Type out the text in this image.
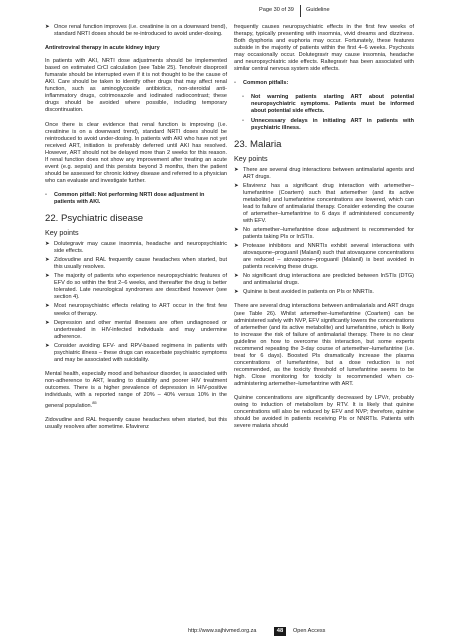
Page 30 of 39 Guideline
➤ Once renal function improves (i.e. creatinine is on a downward trend), standard NRTI doses should be re-introduced to avoid under-dosing.
Antiretroviral therapy in acute kidney injury

In patients with AKI, NRTI dose adjustments should be implemented based on estimated CrCl calculation (see Table 25). Tenofovir disoproxil fumarate should be interrupted even if it is not thought to be the cause of AKI. Care should be taken to identify other drugs that may affect renal function, such as aminoglycoside antibiotics, non-steroidal anti-inflammatory drugs, cotrimoxazole and iodinated radiocontrast; these drugs should be avoided where possible, including temporary discontinuation.

Once there is clear evidence that renal function is improving (i.e. creatinine is on a downward trend), standard NRTI doses should be reintroduced to avoid under-dosing. In patients with AKI who have not yet received ART, initiation is preferably deferred until AKI has resolved. However, ART should not be delayed more than 2 weeks for this reason. If renal function does not show any improvement after treating an acute event (e.g. sepsis) and this persists beyond 3 months, then the patient should be assessed for chronic kidney disease and referred to a physician who can evaluate and investigate further.

▫ Common pitfall: Not performing NRTI dose adjustment in patients with AKI.
22. Psychiatric disease
Key points
➤ Dolutegravir may cause insomnia, headache and neuropsychiatric side effects.
➤ Zidovudine and RAL frequently cause headaches when started, but this usually resolves.
➤ The majority of patients who experience neuropsychiatric features of EFV do so within the first 2–6 weeks, and thereafter the drug is better tolerated. Late neurological syndromes are described however (see section 4).
➤ Most neuropsychiatric effects relating to ART occur in the first few weeks of therapy.
➤ Depression and other mental illnesses are often undiagnosed or undertreated in HIV-infected individuals and may undermine adherence.
➤ Consider avoiding EFV- and RPV-based regimens in patients with psychiatric illness – these drugs can exacerbate psychiatric symptoms and may be associated with suicidality.

Mental health, especially mood and behaviour disorder, is associated with non-adherence to ART, leading to disability and poorer HIV treatment outcomes. There is a higher prevalence of depression in HIV-positive individuals, with a reported range of 20% – 40% versus 10% in the general population.$^{85}$

Zidovudine and RAL frequently cause headaches when started, but this usually resolves after sometime. Efavirenz

frequently causes neuropsychiatric effects in the first few weeks of therapy, typically presenting with insomnia, vivid dreams and dizziness. Both dysphoria and euphoria may occur. Fortunately, these features subside in the majority of patients within the first 4–6 weeks. Psychosis may occasionally occur. Dolutegravir may cause insomnia, headache and neuropsychiatric side effects. Raltegravir has been associated with similar central nervous system side effects.

▫ Common pitfalls:
▫ Not warning patients starting ART about potential neuropsychiatric symptoms. Patients must be informed about potential side effects.
▫ Unnecessary delays in initiating ART in patients with psychiatric illness.
23. Malaria
Key points
➤ There are several drug interactions between antimalarial agents and ART drugs.
➤ Efavirenz has a significant drug interaction with artemether–lumefantrine (Coartem) such that artemether (and its active metabolite) and lumefantrine concentrations are lowered, which can lead to failure of antimalarial therapy. Consider extending the course of artemether–lumefantrine to 6 days if administered concurrently with EFV.
➤ No artemether–lumefantrine dose adjustment is recommended for patients taking PIs or InSTIs.
➤ Protease inhibitors and NNRTIs exhibit several interactions with atovaquone–proguanil (Malanil) such that atovaquone concentrations are reduced – atovaquone–proguanil (Malanil) is best avoided in patients receiving these drugs.
➤ No significant drug interactions are predicted between InSTIs (DTG) and antimalarial drugs.
➤ Quinine is best avoided in patients on PIs or NNRTIs.

There are several drug interactions between antimalarials and ART drugs (see Table 26). Whilst artemether–lumefantrine (Coartem) can be administered safely with NVP, EFV significantly lowers the concentrations of artemether (and its active metabolite) and lumefantrine, which is likely to increase the risk of failure of antimalarial therapy. There is no clear guideline on how to overcome this interaction, but some experts recommend repeating the 3-day course of artemether–lumefantrine (i.e. treat for 6 days). Boosted PIs dramatically increase the plasma concentrations of lumefantrine, but a dose reduction is not recommended, as the toxicity threshold of lumefantrine seems to be high. Close monitoring for toxicity is recommended when co-administering artemether–lumefantrine with ART.

Quinine concentrations are significantly decreased by LPV/r, probably owing to induction of metabolism by RTV. It is likely that quinine concentrations will also be reduced by EFV and NVP; therefore, quinine should be avoided in patients receiving PIs or NNRTIs. Patients with severe malaria should

http://www.sajhivmed.org.za	48	Open Access
